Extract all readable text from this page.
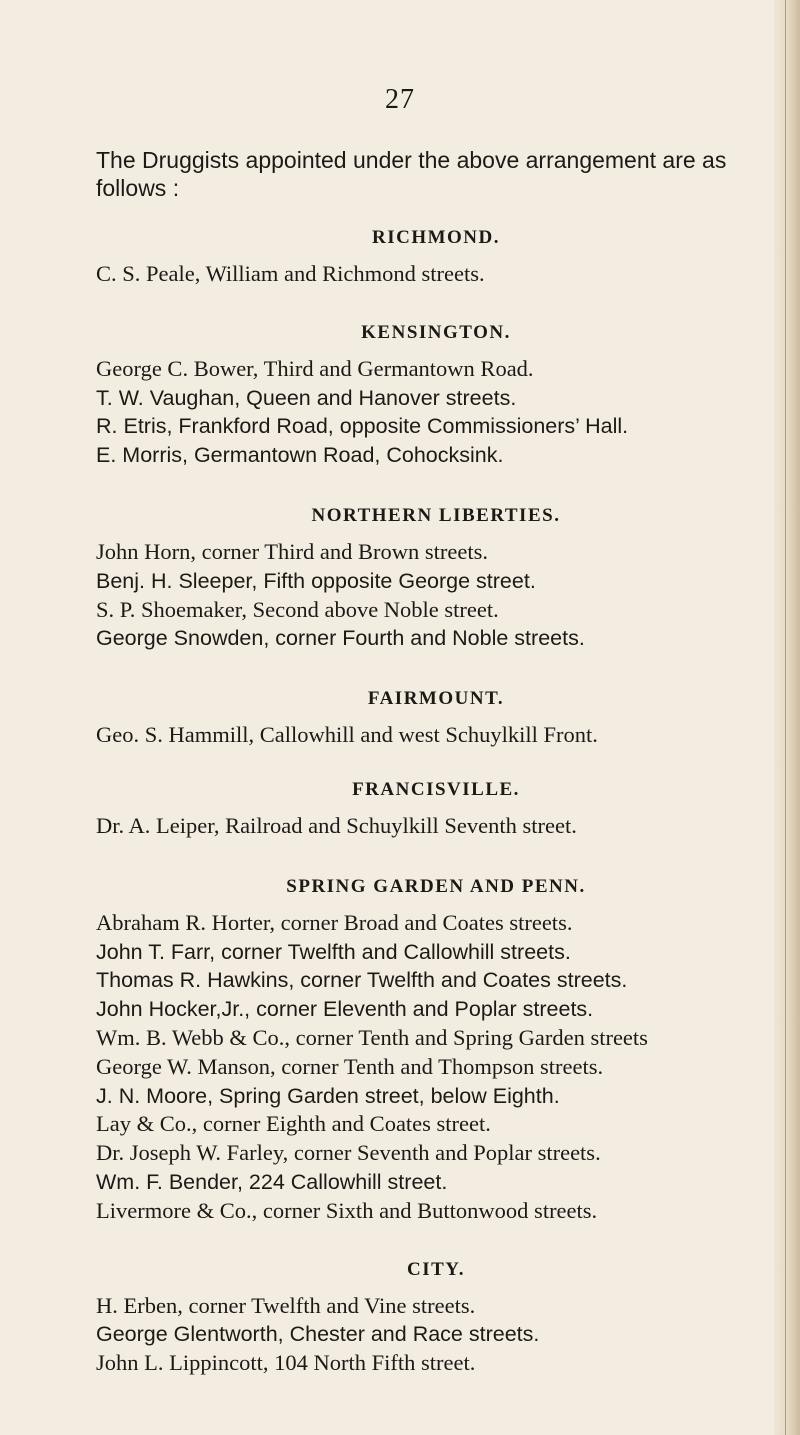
27

The Druggists appointed under the above arrangement are as follows :

RICHMOND.
C. S. Peale, William and Richmond streets.
KENSINGTON.
George C. Bower, Third and Germantown Road.
T. W. Vaughan, Queen and Hanover streets.
R. Etris, Frankford Road, opposite Commissioners’ Hall.
E. Morris, Germantown Road, Cohocksink.
NORTHERN LIBERTIES.
John Horn, corner Third and Brown streets.
Benj. H. Sleeper, Fifth opposite George street.
S. P. Shoemaker, Second above Noble street.
George Snowden, corner Fourth and Noble streets.
FAIRMOUNT.
Geo. S. Hammill, Callowhill and west Schuylkill Front.
FRANCISVILLE.
Dr. A. Leiper, Railroad and Schuylkill Seventh street.
SPRING GARDEN AND PENN.
Abraham R. Horter, corner Broad and Coates streets.
John T. Farr, corner Twelfth and Callowhill streets.
Thomas R. Hawkins, corner Twelfth and Coates streets.
John Hocker,Jr., corner Eleventh and Poplar streets.
Wm. B. Webb & Co., corner Tenth and Spring Garden streets
George W. Manson, corner Tenth and Thompson streets.
J. N. Moore, Spring Garden street, below Eighth.
Lay & Co., corner Eighth and Coates street.
Dr. Joseph W. Farley, corner Seventh and Poplar streets.
Wm. F. Bender, 224 Callowhill street.
Livermore & Co., corner Sixth and Buttonwood streets.
CITY.
H. Erben, corner Twelfth and Vine streets.
George Glentworth, Chester and Race streets.
John L. Lippincott, 104 North Fifth street.
